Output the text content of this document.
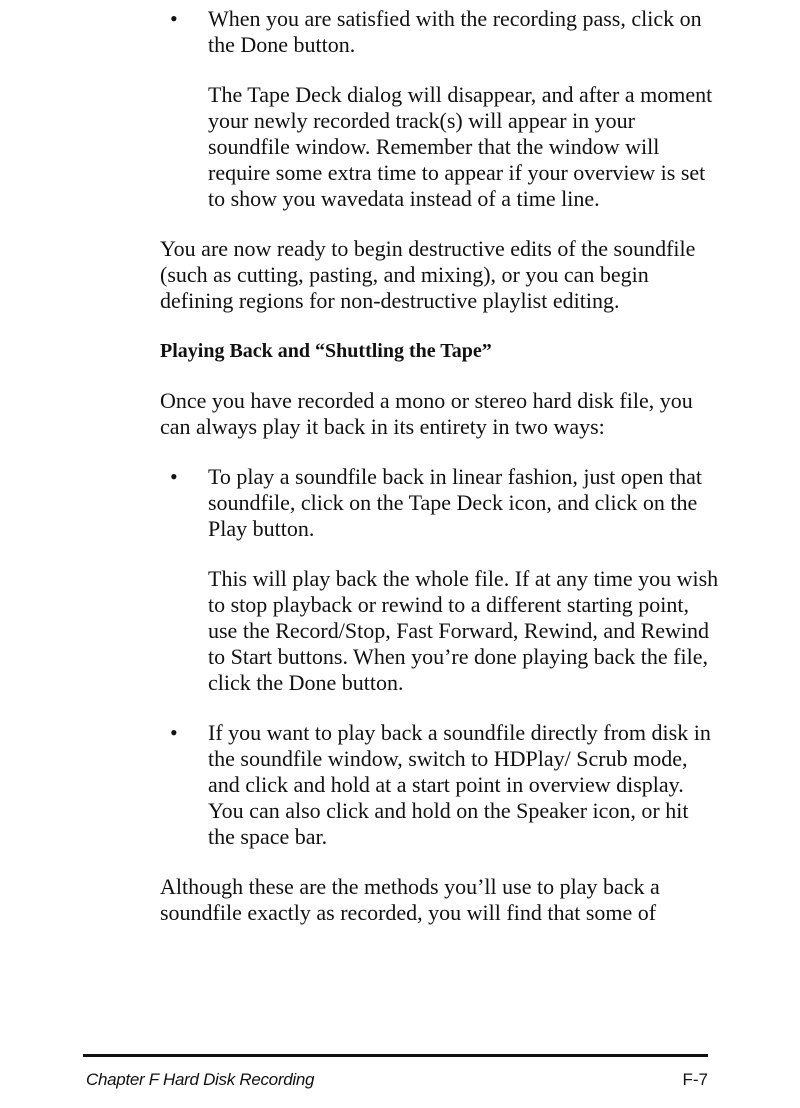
• When you are satisfied with the recording pass, click on the Done button.

The Tape Deck dialog will disappear, and after a moment your newly recorded track(s) will appear in your soundfile window. Remember that the window will require some extra time to appear if your overview is set to show you wavedata instead of a time line.

You are now ready to begin destructive edits of the soundfile (such as cutting, pasting, and mixing), or you can begin defining regions for non-destructive playlist editing.

Playing Back and “Shuttling the Tape”

Once you have recorded a mono or stereo hard disk file, you can always play it back in its entirety in two ways:

• To play a soundfile back in linear fashion, just open that soundfile, click on the Tape Deck icon, and click on the Play button.

This will play back the whole file. If at any time you wish to stop playback or rewind to a different starting point, use the Record/Stop, Fast Forward, Rewind, and Rewind to Start buttons. When you’re done playing back the file, click the Done button.

• If you want to play back a soundfile directly from disk in the soundfile window, switch to HDPlay/ Scrub mode, and click and hold at a start point in overview display. You can also click and hold on the Speaker icon, or hit the space bar.

Although these are the methods you’ll use to play back a soundfile exactly as recorded, you will find that some of

Chapter F Hard Disk Recording	F-7
